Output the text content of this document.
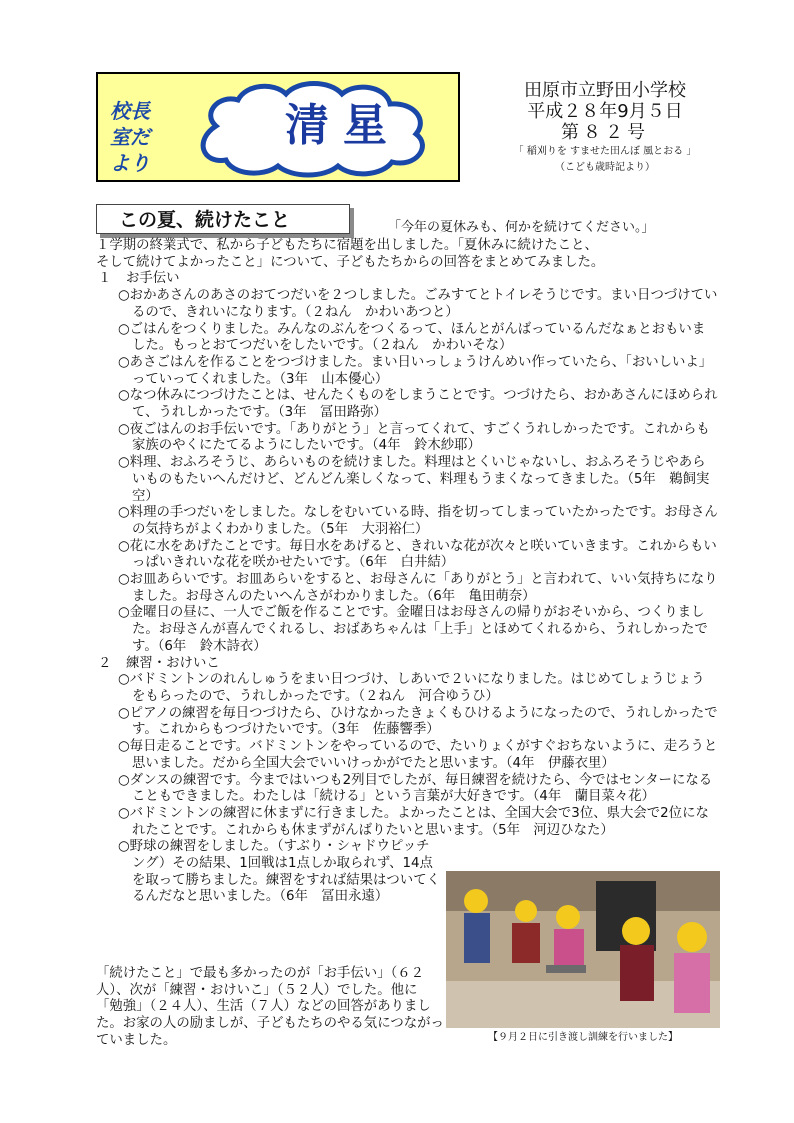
校長室だより
清星
田原市立野田小学校
平成２８年9月５日
第８２号
「 稲刈りを すませた田んぼ 風とおる 」
（こども歳時記より）
この夏、続けたこと	「今年の夏休みも、何かを続けてください。」

１学期の終業式で、私から子どもたちに宿題を出しました。「夏休みに続けたこと、

そして続けてよかったこと」について、子どもたちからの回答をまとめてみました。

１ お手伝い

○おかあさんのあさのおてつだいを２つしました。ごみすてとトイレそうじです。まい日つづけているので、きれいになります。（２ねん　かわいあつと）

○ごはんをつくりました。みんなのぶんをつくるって、ほんとがんばっているんだなぁとおもいました。もっとおてつだいをしたいです。（２ねん　かわいそな）

○あさごはんを作ることをつづけました。まい日いっしょうけんめい作っていたら、「おいしいよ」っていってくれました。（3年　山本優心）

○なつ休みにつづけたことは、せんたくものをしまうことです。つづけたら、おかあさんにほめられて、うれしかったです。（3年　冨田路弥）

○夜ごはんのお手伝いです。「ありがとう」と言ってくれて、すごくうれしかったです。これからも家族のやくにたてるようにしたいです。（4年　鈴木紗耶）

○料理、おふろそうじ、あらいものを続けました。料理はとくいじゃないし、おふろそうじやあらいものもたいへんだけど、どんどん楽しくなって、料理もうまくなってきました。（5年　鵜飼実空）

○料理の手つだいをしました。なしをむいている時、指を切ってしまっていたかったです。お母さんの気持ちがよくわかりました。（5年　大羽裕仁）

○花に水をあげたことです。毎日水をあげると、きれいな花が次々と咲いていきます。これからもいっぱいきれいな花を咲かせたいです。（6年　白井結）

○お皿あらいです。お皿あらいをすると、お母さんに「ありがとう」と言われて、いい気持ちになりました。お母さんのたいへんさがわかりました。（6年　亀田萌奈）

○金曜日の昼に、一人でご飯を作ることです。金曜日はお母さんの帰りがおそいから、つくりました。お母さんが喜んでくれるし、おばあちゃんは「上手」とほめてくれるから、うれしかったです。（6年　鈴木詩衣）

２ 練習・おけいこ

○バドミントンのれんしゅうをまい日つづけ、しあいで２いになりました。はじめてしょうじょうをもらったので、うれしかったです。（２ねん　河合ゆうひ）

○ピアノの練習を毎日つづけたら、ひけなかったきょくもひけるようになったので、うれしかったです。これからもつづけたいです。（3年　佐藤響季）

○毎日走ることです。バドミントンをやっているので、たいりょくがすぐおちないように、走ろうと思いました。だから全国大会でいいけっかがでたと思います。（4年　伊藤衣里）

○ダンスの練習です。今まではいつも2列目でしたが、毎日練習を続けたら、今ではセンターになることもできました。わたしは「続ける」という言葉が大好きです。（4年　蘭目菜々花）

○バドミントンの練習に休まずに行きました。よかったことは、全国大会で3位、県大会で2位になれたことです。これからも休まずがんばりたいと思います。（5年　河辺ひなた）

○野球の練習をしました。（すぶり・シャドウピッチング）その結果、1回戦は1点しか取られず、14点を取って勝ちました。練習をすれば結果はついてくるんだなと思いました。（6年　冨田永遠）

「続けたこと」で最も多かったのが「お手伝い」（６２人）、次が「練習・おけいこ」（５２人）でした。他に「勉強」（２４人）、生活（７人）などの回答がありました。お家の人の励ましが、子どもたちのやる気につながっていました。	【９月２日に引き渡し訓練を行いました】
